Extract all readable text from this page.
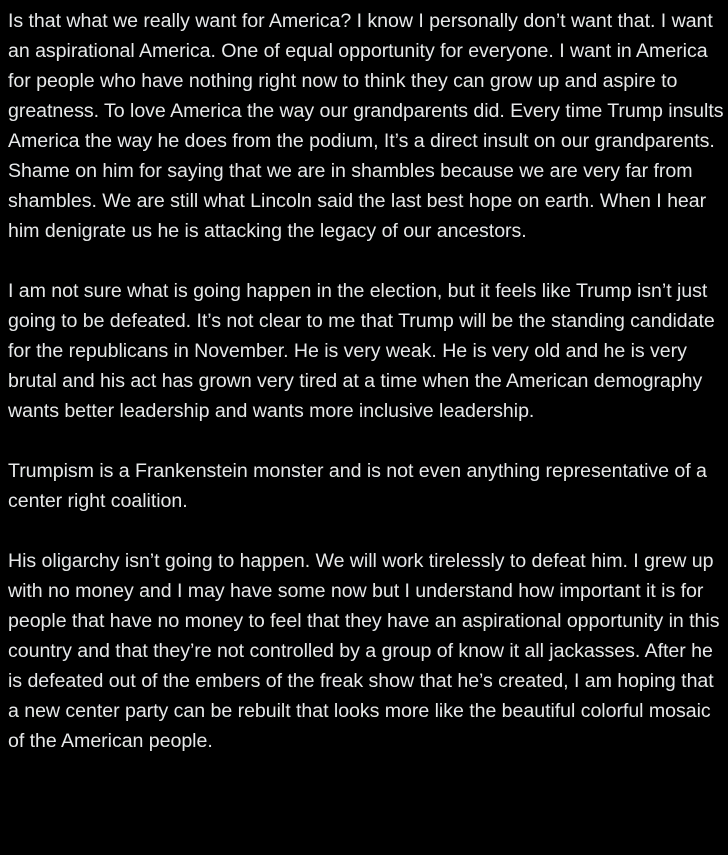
Is that what we really want for America? I know I personally don’t want that. I want an aspirational America. One of equal opportunity for everyone. I want in America for people who have nothing right now to think they can grow up and aspire to greatness. To love America the way our grandparents did. Every time Trump insults America the way he does from the podium, It’s a direct insult on our grandparents. Shame on him for saying that we are in shambles because we are very far from shambles. We are still what Lincoln said the last best hope on earth. When I hear him denigrate us he is attacking the legacy of our ancestors.

I am not sure what is going happen in the election, but it feels like Trump isn’t just going to be defeated. It’s not clear to me that Trump will be the standing candidate for the republicans in November. He is very weak. He is very old and he is very brutal and his act has grown very tired at a time when the American demography wants better leadership and wants more inclusive leadership.

Trumpism is a Frankenstein monster and is not even anything representative of a center right coalition.

His oligarchy isn’t going to happen. We will work tirelessly to defeat him. I grew up with no money and I may have some now but I understand how important it is for people that have no money to feel that they have an aspirational opportunity in this country and that they’re not controlled by a group of know it all jackasses. After he is defeated out of the embers of the freak show that he’s created, I am hoping that a new center party can be rebuilt that looks more like the beautiful colorful mosaic of the American people.
